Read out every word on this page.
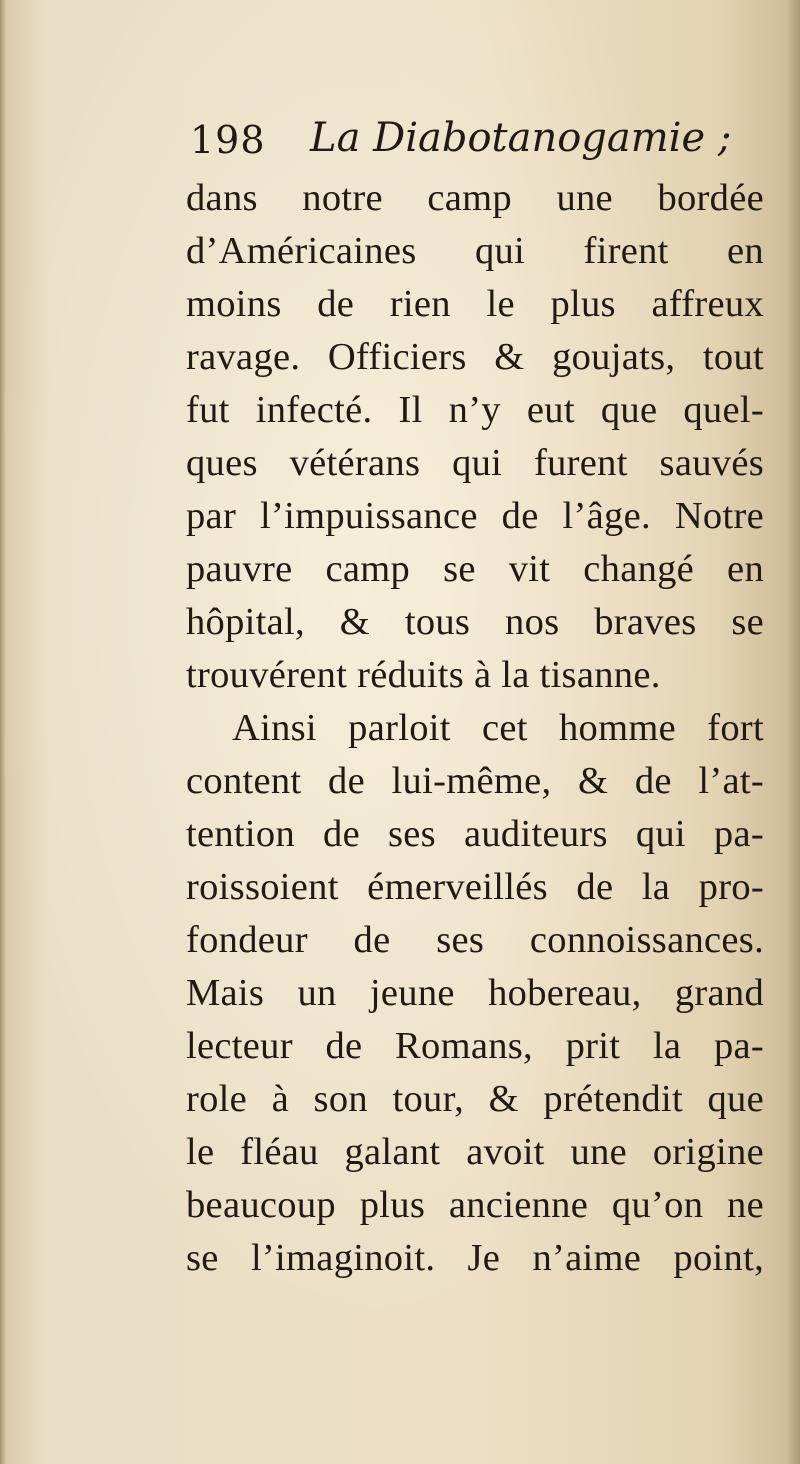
198 La Diabotanogamie ;
dans notre camp une bordée
d’Américaines qui firent en
moins de rien le plus affreux
ravage. Officiers & goujats, tout
fut infecté. Il n’y eut que quel-
ques vétérans qui furent sauvés
par l’impuissance de l’âge. Notre
pauvre camp se vit changé en
hôpital, & tous nos braves se
trouvérent réduits à la tisanne.
Ainsi parloit cet homme fort
content de lui-même, & de l’at-
tention de ses auditeurs qui pa-
roissoient émerveillés de la pro-
fondeur de ses connoissances.
Mais un jeune hobereau, grand
lecteur de Romans, prit la pa-
role à son tour, & prétendit que
le fléau galant avoit une origine
beaucoup plus ancienne qu’on ne
se l’imaginoit. Je n’aime point,
